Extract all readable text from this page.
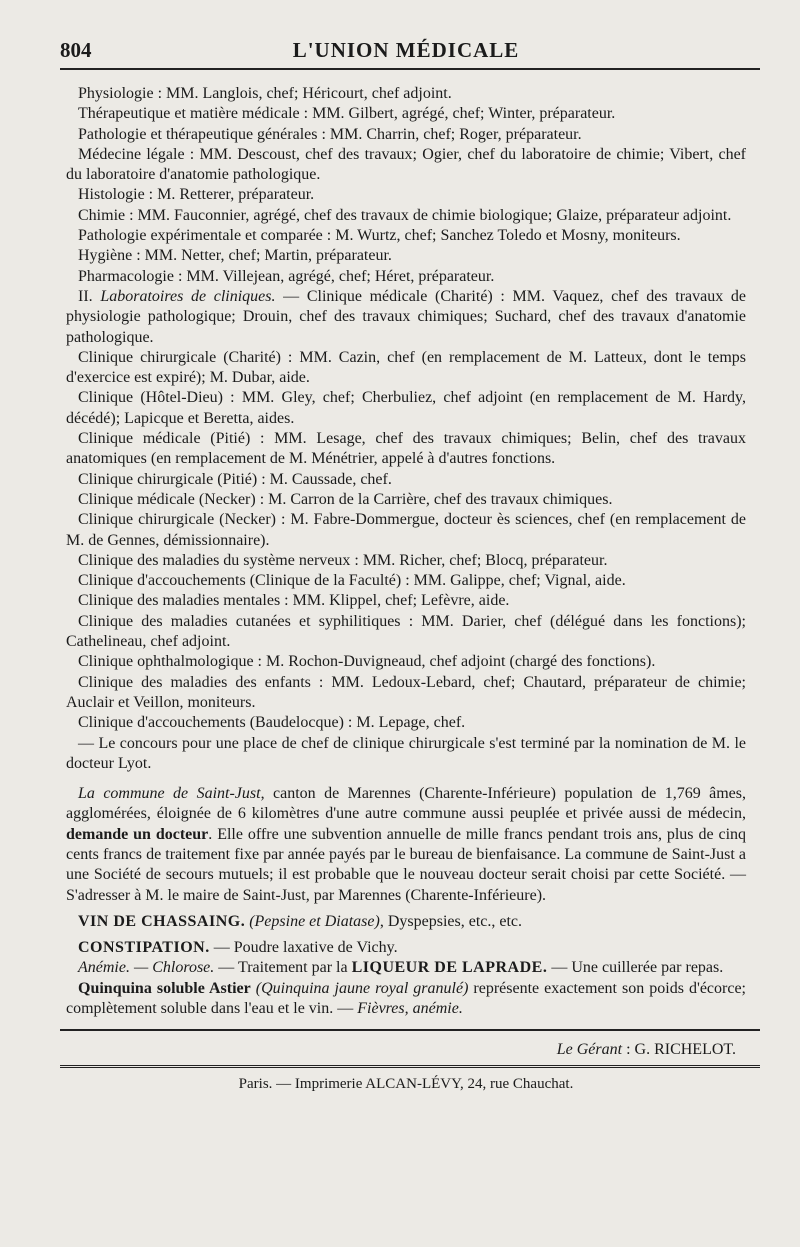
804	L'UNION MÉDICALE

Physiologie : MM. Langlois, chef; Héricourt, chef adjoint.

Thérapeutique et matière médicale : MM. Gilbert, agrégé, chef; Winter, préparateur.

Pathologie et thérapeutique générales : MM. Charrin, chef; Roger, préparateur.

Médecine légale : MM. Descoust, chef des travaux; Ogier, chef du laboratoire de chimie; Vibert, chef du laboratoire d'anatomie pathologique.

Histologie : M. Retterer, préparateur.

Chimie : MM. Fauconnier, agrégé, chef des travaux de chimie biologique; Glaize, préparateur adjoint.

Pathologie expérimentale et comparée : M. Wurtz, chef; Sanchez Toledo et Mosny, moniteurs.

Hygiène : MM. Netter, chef; Martin, préparateur.

Pharmacologie : MM. Villejean, agrégé, chef; Héret, préparateur.

II. Laboratoires de cliniques. — Clinique médicale (Charité) : MM. Vaquez, chef des travaux de physiologie pathologique; Drouin, chef des travaux chimiques; Suchard, chef des travaux d'anatomie pathologique.

Clinique chirurgicale (Charité) : MM. Cazin, chef (en remplacement de M. Latteux, dont le temps d'exercice est expiré); M. Dubar, aide.

Clinique (Hôtel-Dieu) : MM. Gley, chef; Cherbuliez, chef adjoint (en remplacement de M. Hardy, décédé); Lapicque et Beretta, aides.

Clinique médicale (Pitié) : MM. Lesage, chef des travaux chimiques; Belin, chef des travaux anatomiques (en remplacement de M. Ménétrier, appelé à d'autres fonctions.

Clinique chirurgicale (Pitié) : M. Caussade, chef.

Clinique médicale (Necker) : M. Carron de la Carrière, chef des travaux chimiques.

Clinique chirurgicale (Necker) : M. Fabre-Dommergue, docteur ès sciences, chef (en remplacement de M. de Gennes, démissionnaire).

Clinique des maladies du système nerveux : MM. Richer, chef; Blocq, préparateur.

Clinique d'accouchements (Clinique de la Faculté) : MM. Galippe, chef; Vignal, aide.

Clinique des maladies mentales : MM. Klippel, chef; Lefèvre, aide.

Clinique des maladies cutanées et syphilitiques : MM. Darier, chef (délégué dans les fonctions); Cathelineau, chef adjoint.

Clinique ophthalmologique : M. Rochon-Duvigneaud, chef adjoint (chargé des fonctions).

Clinique des maladies des enfants : MM. Ledoux-Lebard, chef; Chautard, préparateur de chimie; Auclair et Veillon, moniteurs.

Clinique d'accouchements (Baudelocque) : M. Lepage, chef.

— Le concours pour une place de chef de clinique chirurgicale s'est terminé par la nomination de M. le docteur Lyot.

La commune de Saint-Just, canton de Marennes (Charente-Inférieure) population de 1,769 âmes, agglomérées, éloignée de 6 kilomètres d'une autre commune aussi peuplée et privée aussi de médecin, demande un docteur. Elle offre une subvention annuelle de mille francs pendant trois ans, plus de cinq cents francs de traitement fixe par année payés par le bureau de bienfaisance. La commune de Saint-Just a une Société de secours mutuels; il est probable que le nouveau docteur serait choisi par cette Société. — S'adresser à M. le maire de Saint-Just, par Marennes (Charente-Inférieure).

VIN DE CHASSAING. (Pepsine et Diatase), Dyspepsies, etc., etc.

CONSTIPATION. — Poudre laxative de Vichy.

Anémie. — Chlorose. — Traitement par la LIQUEUR DE LAPRADE. — Une cuillerée par repas.

Quinquina soluble Astier (Quinquina jaune royal granulé) représente exactement son poids d'écorce; complètement soluble dans l'eau et le vin. — Fièvres, anémie.

Le Gérant : G. RICHELOT.
Paris. — Imprimerie ALCAN-LÉVY, 24, rue Chauchat.
